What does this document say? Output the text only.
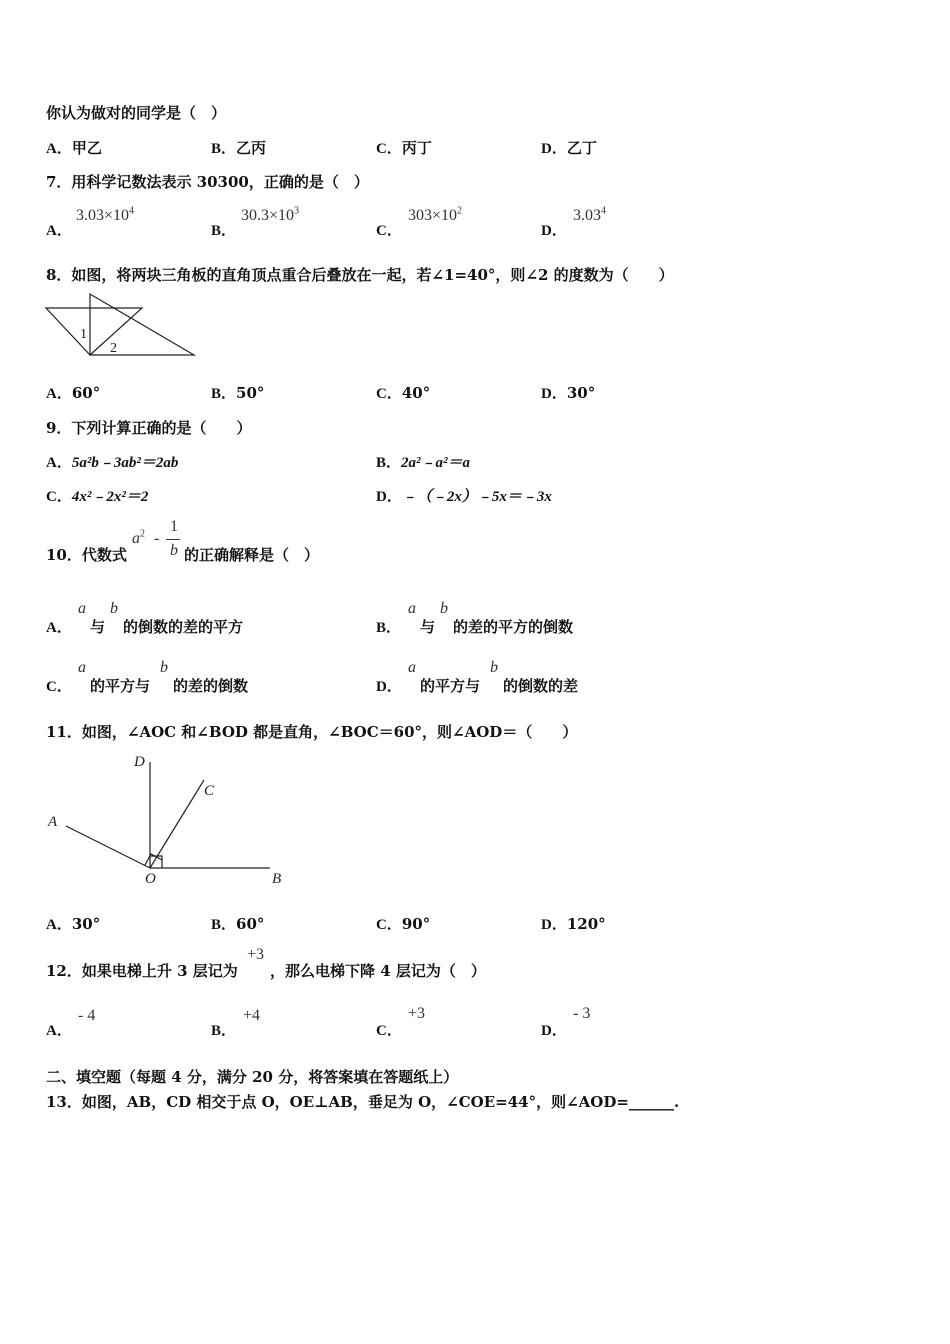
你认为做对的同学是（　）
A．甲乙	B．乙丙	C．丙丁	D．乙丁
7．用科学记数法表示 30300，正确的是（　）
A．
$3.03\times 10^4$
B．
$30.3\times 10^3$
C．
$303\times 10^2$
D．
3.03$^4$
8．如图，将两块三角板的直角顶点重合后叠放在一起，若∠1=40°，则∠2 的度数为（　　）
1
2
A．60°	B．50°	C．40°	D．30°
9．下列计算正确的是（　　）
A．5a²b﹣3ab²＝2ab	B．2a²﹣a²＝a
C．4x²﹣2x²＝2	D．﹣（﹣2x）﹣5x＝﹣3x
10．代数式
$a^2$ -
1
b 的正确解释是（　）
A．
a
与
b
的倒数的差的平方	B．
a
与
b
的差的平方的倒数
C．
a
的平方与
b
的差的倒数	D．
a
的平方与
b
的倒数的差
11．如图，∠AOC 和∠BOD 都是直角，∠BOC＝60°，则∠AOD＝（　　）
D
C
A
O	B
A．30°	B．60°	C．90°	D．120°
12．如果电梯上升 3 层记为
+3
，那么电梯下降 4 层记为（　）
A．
- 4
B．
+4
C．
+3
D．
- 3
二、填空题（每题 4 分，满分 20 分，将答案填在答题纸上）
13．如图，AB，CD 相交于点 O，OE⊥AB，垂足为 O，∠COE=44°，则∠AOD=______.
